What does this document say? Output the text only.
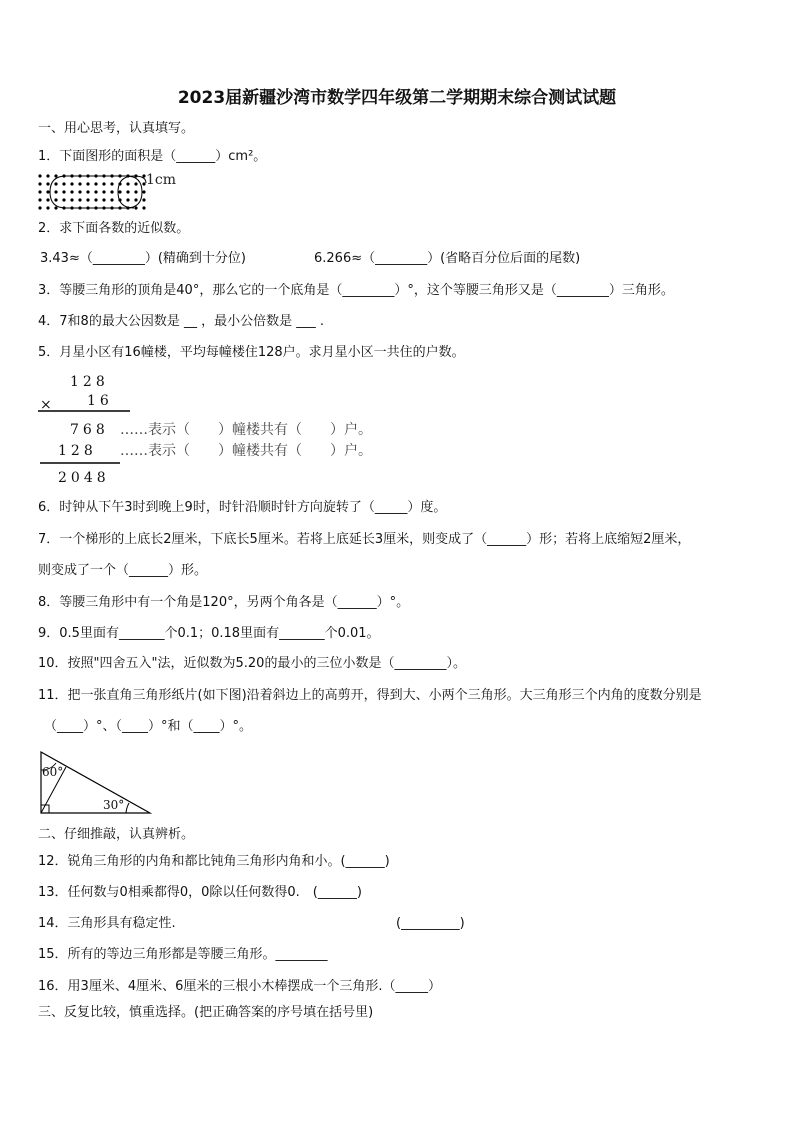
2023届新疆沙湾市数学四年级第二学期期末综合测试试题
一、用心思考，认真填写。
1．下面图形的面积是（______）cm²。
1cm
2．求下面各数的近似数。
3.43≈（________）(精确到十分位)	6.266≈（________）(省略百分位后面的尾数)
3．等腰三角形的顶角是40°，那么它的一个底角是（________）°，这个等腰三角形又是（________）三角形。
4．7和8的最大公因数是 __ ，最小公倍数是 ___ .
5．月星小区有16幢楼，平均每幢楼住128户。求月星小区一共住的户数。
128
× 16
768 ……表示（　　）幢楼共有（　　）户。
128 ……表示（　　）幢楼共有（　　）户。
2048
6．时钟从下午3时到晚上9时，时针沿顺时针方向旋转了（_____）度。
7．一个梯形的上底长2厘米，下底长5厘米。若将上底延长3厘米，则变成了（______）形；若将上底缩短2厘米，
则变成了一个（______）形。
8．等腰三角形中有一个角是120°，另两个角各是（______）°。
9．0.5里面有_______个0.1；0.18里面有_______个0.01。
10．按照"四舍五入"法，近似数为5.20的最小的三位小数是（________）。
11．把一张直角三角形纸片(如下图)沿着斜边上的高剪开，得到大、小两个三角形。大三角形三个内角的度数分别是
（____）°、（____）°和（____）°。
60°
30°
二、仔细推敲，认真辨析。
12．锐角三角形的内角和都比钝角三角形内角和小。(______)
13．任何数与0相乘都得0，0除以任何数得0.　(______)
14．三角形具有稳定性.	(_________)
15．所有的等边三角形都是等腰三角形。________
16．用3厘米、4厘米、6厘米的三根小木棒摆成一个三角形.（_____）
三、反复比较，慎重选择。(把正确答案的序号填在括号里)
